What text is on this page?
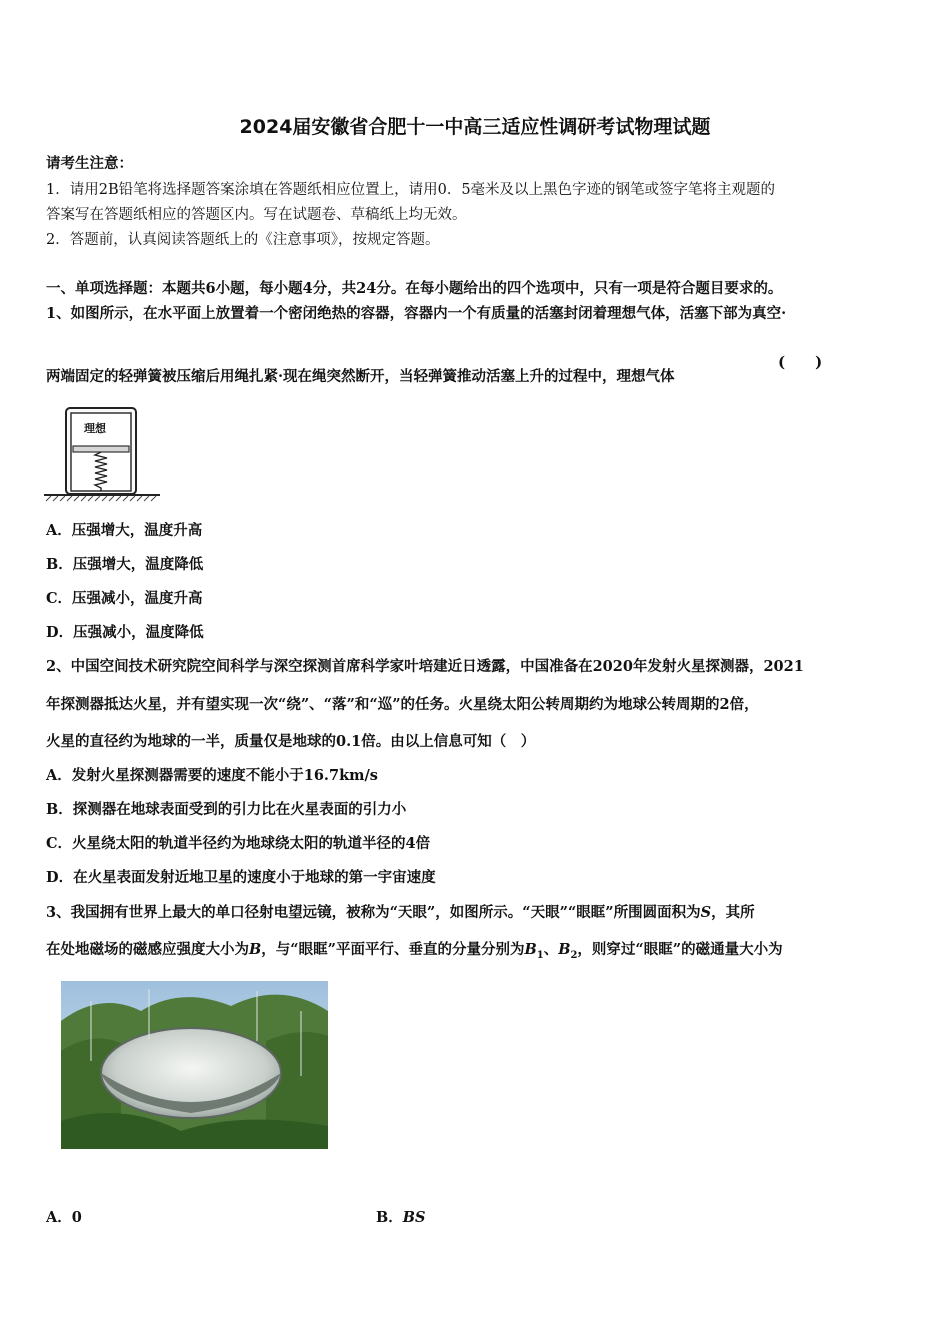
2024届安徽省合肥十一中高三适应性调研考试物理试题
请考生注意：
1．请用2B铅笔将选择题答案涂填在答题纸相应位置上，请用0．5毫米及以上黑色字迹的钢笔或签字笔将主观题的
答案写在答题纸相应的答题区内。写在试题卷、草稿纸上均无效。
2．答题前，认真阅读答题纸上的《注意事项》，按规定答题。
一、单项选择题：本题共6小题，每小题4分，共24分。在每小题给出的四个选项中，只有一项是符合题目要求的。
1、如图所示，在水平面上放置着一个密闭绝热的容器，容器内一个有质量的活塞封闭着理想气体，活塞下部为真空·
两端固定的轻弹簧被压缩后用绳扎紧·现在绳突然断开，当轻弹簧推动活塞上升的过程中，理想气体
(　　)
理想
A．压强增大，温度升高
B．压强增大，温度降低
C．压强减小，温度升高
D．压强减小，温度降低
2、中国空间技术研究院空间科学与深空探测首席科学家叶培建近日透露，中国准备在2020年发射火星探测器，2021
年探测器抵达火星，并有望实现一次“绕”、“落”和“巡”的任务。火星绕太阳公转周期约为地球公转周期的2倍，
火星的直径约为地球的一半，质量仅是地球的0.1倍。由以上信息可知（　）
A．发射火星探测器需要的速度不能小于16.7km/s
B．探测器在地球表面受到的引力比在火星表面的引力小
C．火星绕太阳的轨道半径约为地球绕太阳的轨道半径的4倍
D．在火星表面发射近地卫星的速度小于地球的第一宇宙速度
3、我国拥有世界上最大的单口径射电望远镜，被称为“天眼”，如图所示。“天眼”“眼眶”所围圆面积为S，其所
在处地磁场的磁感应强度大小为B，与“眼眶”平面平行、垂直的分量分别为$B_1$、$B_2$，则穿过“眼眶”的磁通量大小为
A．0	B．BS
